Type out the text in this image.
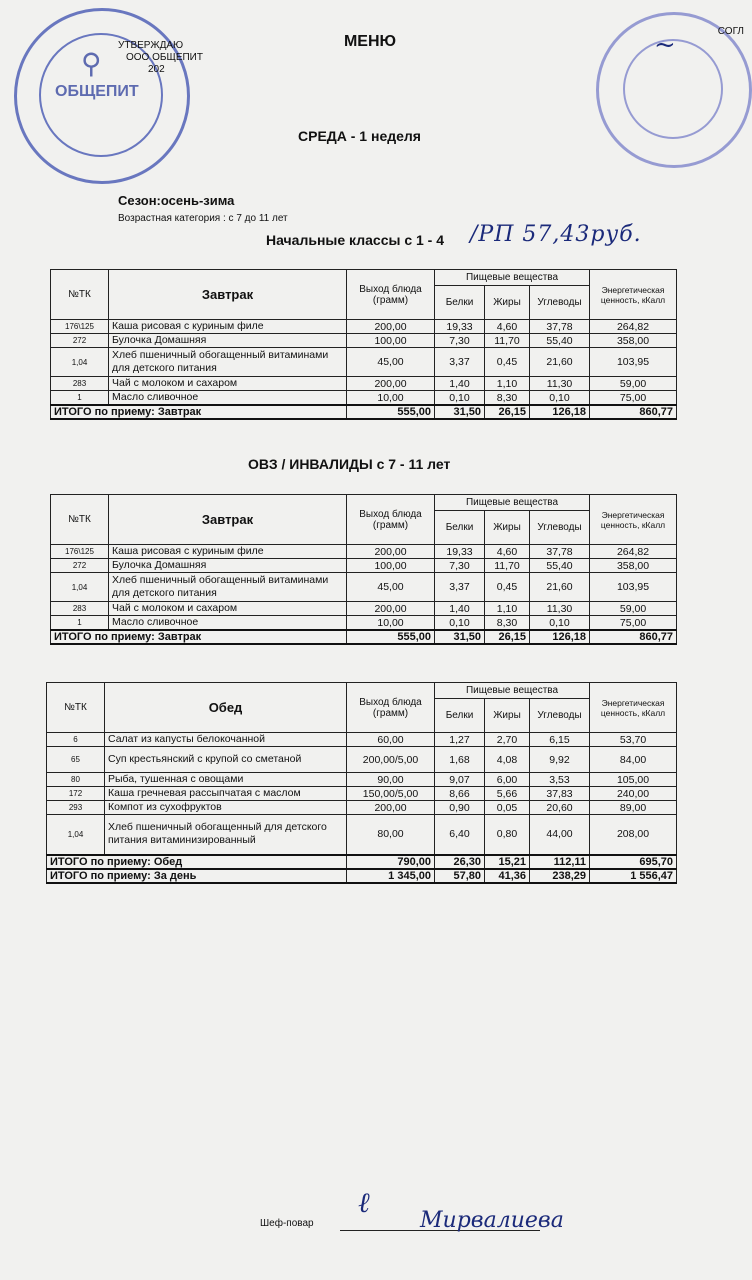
⚲
ОБЩЕПИТ
~
МЕНЮ
УТВЕРЖДАЮ
ООО ОБЩЕПИТ
202
СОГЛ
СРЕДА - 1 неделя
Сезон:осень-зима
Возрастная категория : с 7 до 11 лет
Начальные классы с 1 - 4 /РП 57,43руб.
№ТК	Завтрак	Выход блюда (грамм)	Пищевые вещества			Энергетическая ценность, кКалл
			Белки	Жиры	Углеводы	
176\125	Каша рисовая с куриным филе	200,00	19,33	4,60	37,78	264,82
272	Булочка Домашняя	100,00	7,30	11,70	55,40	358,00
1,04	Хлеб пшеничный обогащенный витаминами для детского питания	45,00	3,37	0,45	21,60	103,95
283	Чай с молоком и сахаром	200,00	1,40	1,10	11,30	59,00
1	Масло сливочное	10,00	0,10	8,30	0,10	75,00
ИТОГО по приему: Завтрак		555,00	31,50	26,15	126,18	860,77
ОВЗ / ИНВАЛИДЫ с 7 - 11 лет
№ТК	Завтрак	Выход блюда (грамм)	Пищевые вещества			Энергетическая ценность, кКалл
			Белки	Жиры	Углеводы	
176\125	Каша рисовая с куриным филе	200,00	19,33	4,60	37,78	264,82
272	Булочка Домашняя	100,00	7,30	11,70	55,40	358,00
1,04	Хлеб пшеничный обогащенный витаминами для детского питания	45,00	3,37	0,45	21,60	103,95
283	Чай с молоком и сахаром	200,00	1,40	1,10	11,30	59,00
1	Масло сливочное	10,00	0,10	8,30	0,10	75,00
ИТОГО по приему: Завтрак		555,00	31,50	26,15	126,18	860,77
№ТК	Обед	Выход блюда (грамм)	Пищевые вещества			Энергетическая ценность, кКалл
			Белки	Жиры	Углеводы	
6	Салат из капусты белокочанной	60,00	1,27	2,70	6,15	53,70
65	Суп крестьянский с крупой со сметаной	200,00/5,00	1,68	4,08	9,92	84,00
80	Рыба, тушенная с овощами	90,00	9,07	6,00	3,53	105,00
172	Каша гречневая рассыпчатая с маслом	150,00/5,00	8,66	5,66	37,83	240,00
293	Компот из сухофруктов	200,00	0,90	0,05	20,60	89,00
1,04	Хлеб пшеничный обогащенный для детского питания витаминизированный	80,00	6,40	0,80	44,00	208,00
ИТОГО по приему: Обед		790,00	26,30	15,21	112,11	695,70
ИТОГО по приему: За день		1 345,00	57,80	41,36	238,29	1 556,47
Шеф-повар
ℓ
Мирвалиева
